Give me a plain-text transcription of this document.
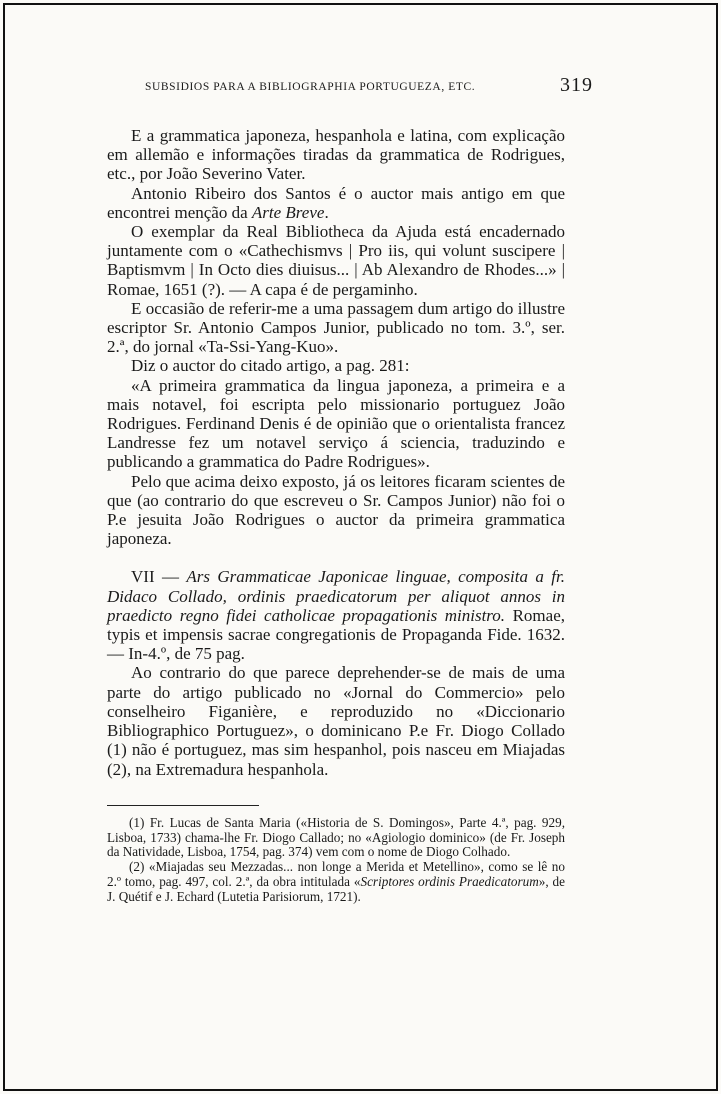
SUBSIDIOS PARA A BIBLIOGRAPHIA PORTUGUEZA, ETC.	319

E a grammatica japoneza, hespanhola e latina, com explicação em allemão e informações tiradas da grammatica de Rodrigues, etc., por João Severino Vater.

Antonio Ribeiro dos Santos é o auctor mais antigo em que encontrei menção da Arte Breve.

O exemplar da Real Bibliotheca da Ajuda está encadernado juntamente com o «Cathechismvs | Pro iis, qui volunt suscipere | Baptismvm | In Octo dies diuisus... | Ab Alexandro de Rhodes...» | Romae, 1651 (?). — A capa é de pergaminho.

E occasião de referir-me a uma passagem dum artigo do illustre escriptor Sr. Antonio Campos Junior, publicado no tom. 3.º, ser. 2.ª, do jornal «Ta-Ssi-Yang-Kuo».

Diz o auctor do citado artigo, a pag. 281:

«A primeira grammatica da lingua japoneza, a primeira e a mais notavel, foi escripta pelo missionario portuguez João Rodrigues. Ferdinand Denis é de opinião que o orientalista francez Landresse fez um notavel serviço á sciencia, traduzindo e publicando a grammatica do Padre Rodrigues».

Pelo que acima deixo exposto, já os leitores ficaram scientes de que (ao contrario do que escreveu o Sr. Campos Junior) não foi o P.e jesuita João Rodrigues o auctor da primeira grammatica japoneza.

VII — Ars Grammaticae Japonicae linguae, composita a fr. Didaco Collado, ordinis praedicatorum per aliquot annos in praedicto regno fidei catholicae propagationis ministro. Romae, typis et impensis sacrae congregationis de Propaganda Fide. 1632. — In-4.º, de 75 pag.

Ao contrario do que parece deprehender-se de mais de uma parte do artigo publicado no «Jornal do Commercio» pelo conselheiro Figanière, e reproduzido no «Diccionario Bibliographico Portuguez», o dominicano P.e Fr. Diogo Collado (1) não é portuguez, mas sim hespanhol, pois nasceu em Miajadas (2), na Extremadura hespanhola.

(1) Fr. Lucas de Santa Maria («Historia de S. Domingos», Parte 4.ª, pag. 929, Lisboa, 1733) chama-lhe Fr. Diogo Callado; no «Agiologio dominico» (de Fr. Joseph da Natividade, Lisboa, 1754, pag. 374) vem com o nome de Diogo Colhado.

(2) «Miajadas seu Mezzadas... non longe a Merida et Metellino», como se lê no 2.º tomo, pag. 497, col. 2.ª, da obra intitulada «Scriptores ordinis Praedicatorum», de J. Quétif e J. Echard (Lutetia Parisiorum, 1721).
